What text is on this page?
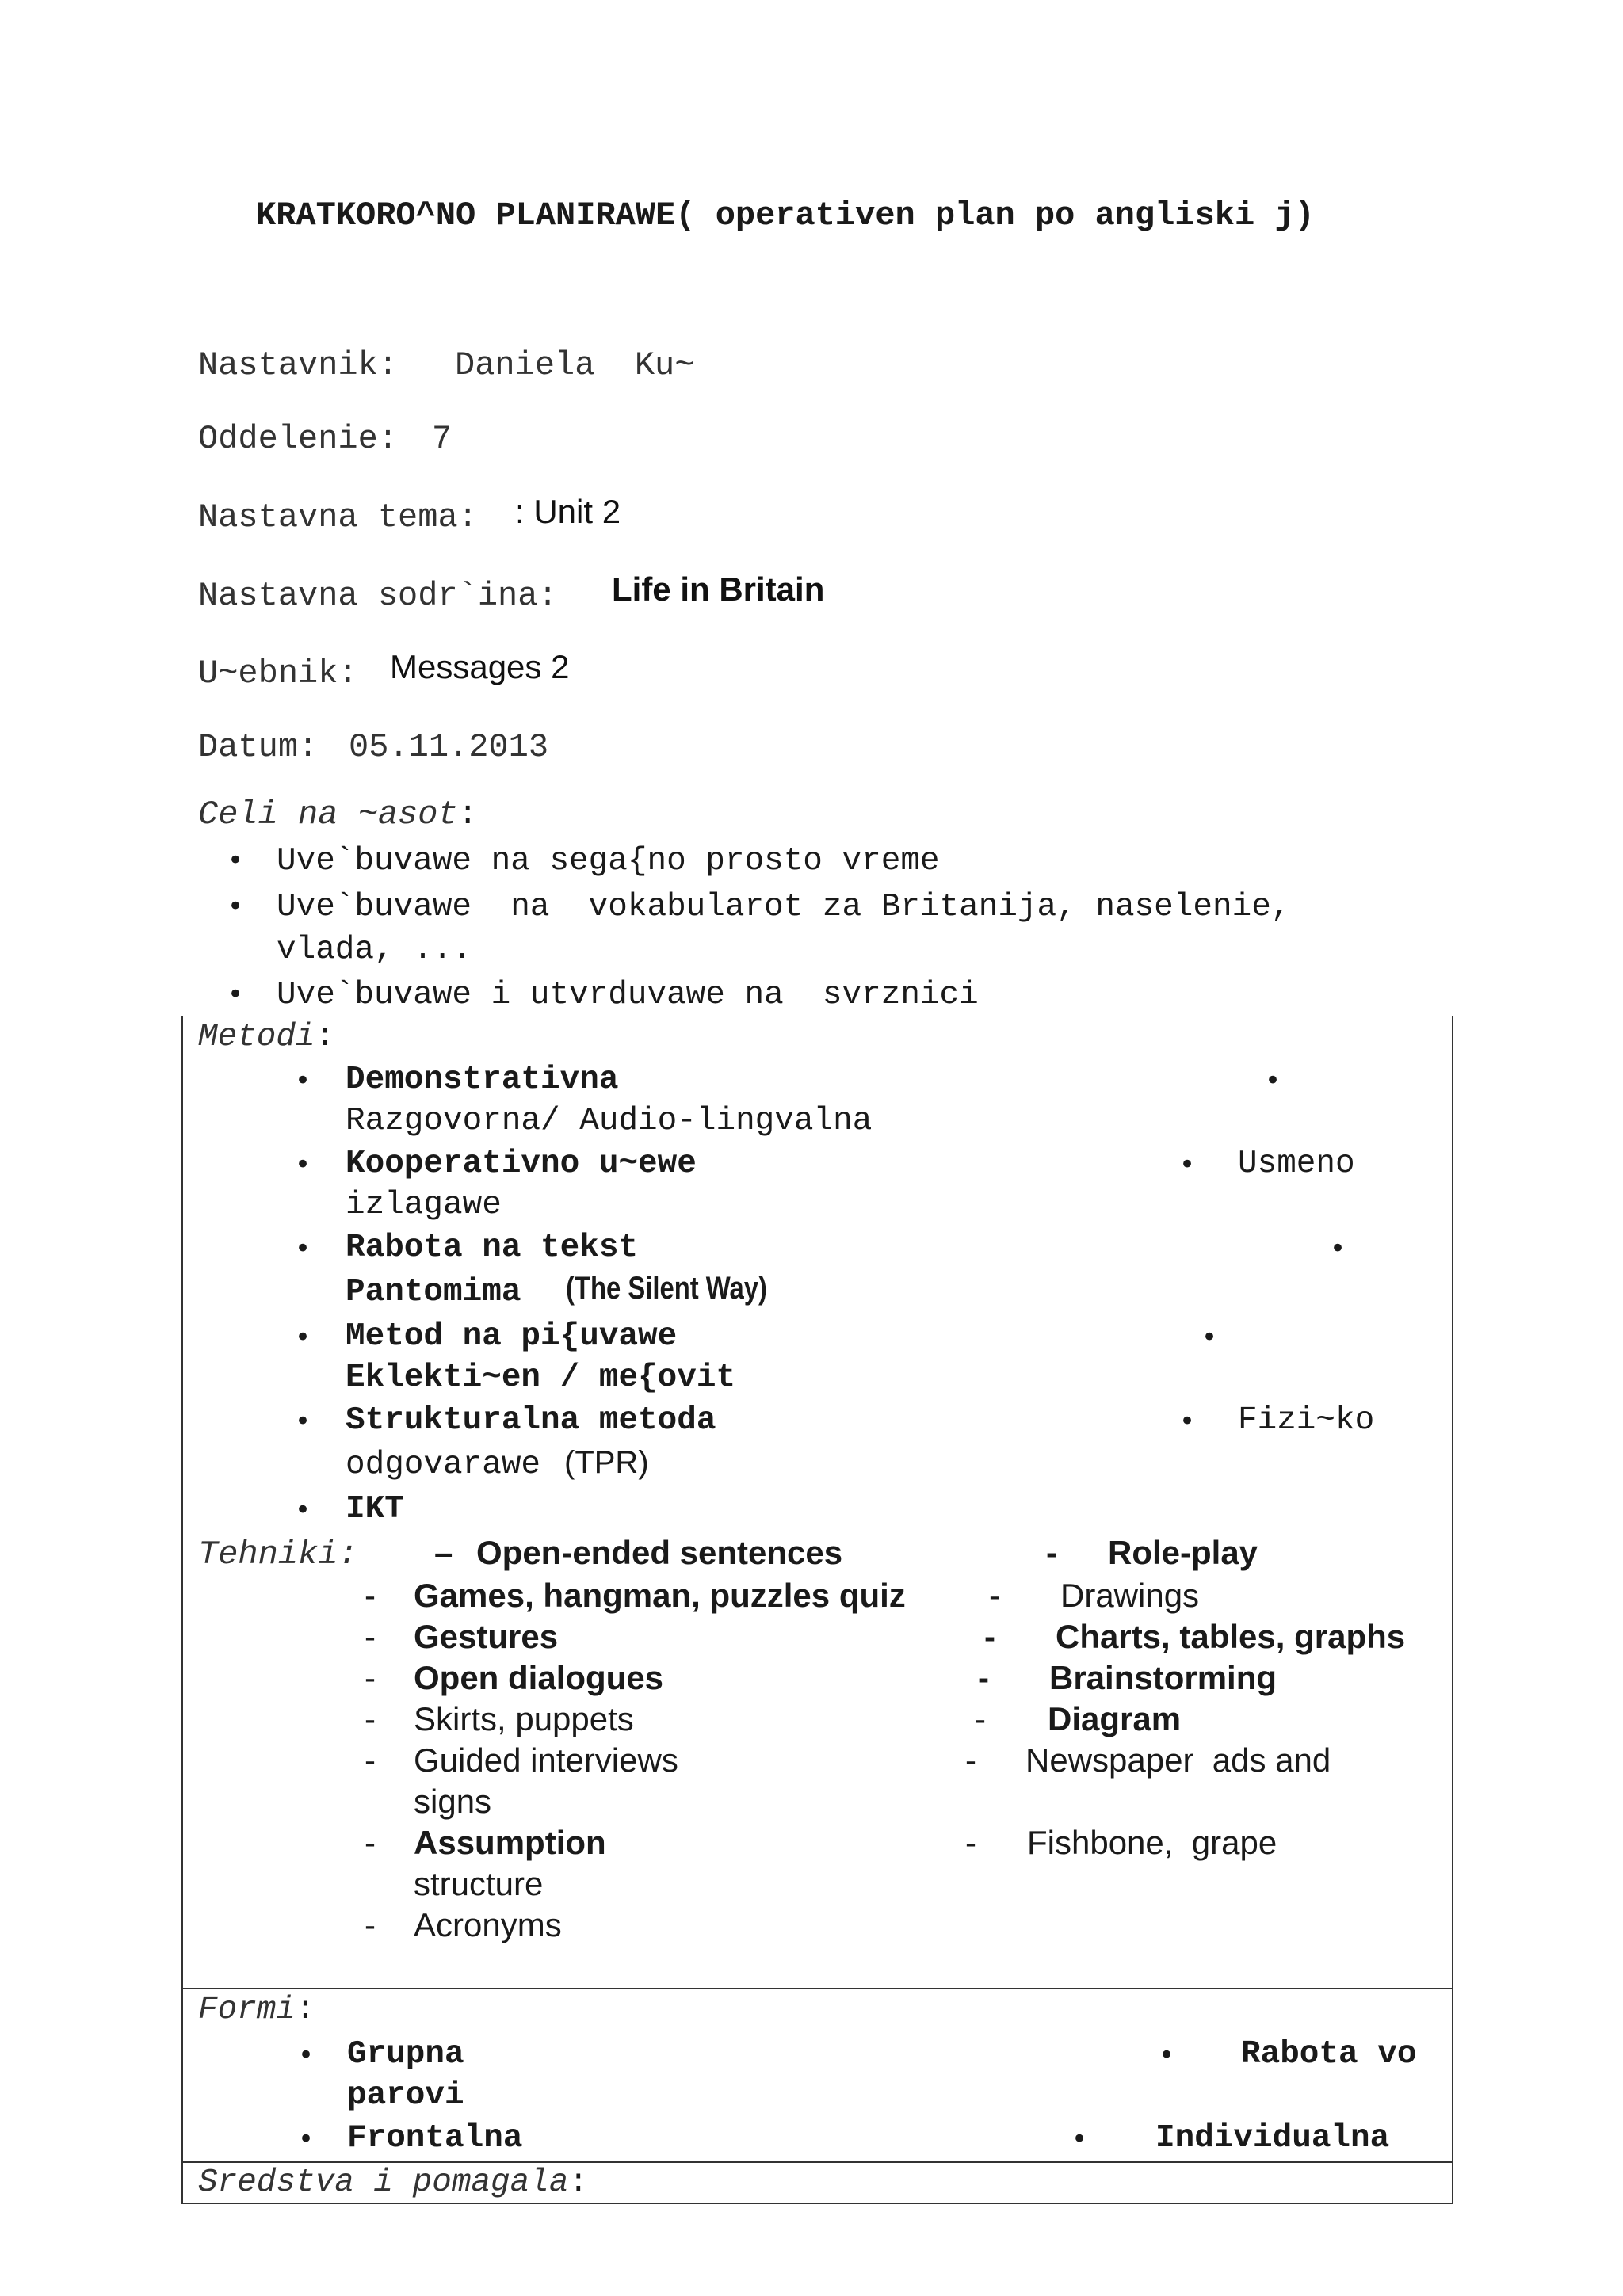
KRATKORO^NO PLANIRAWE( operativen plan po angliski j)
Nastavnik: Daniela  Ku~
Oddelenie: 7
Nastavna tema: : Unit 2
Nastavna sodr`ina: Life in Britain
U~ebnik: Messages 2
Datum: 05.11.2013
Celi na ~asot:
• Uve`buvawe na sega{no prosto vreme
• Uve`buvawe  na  vokabularot za Britanija, naselenie,
vlada, ...
• Uve`buvawe i utvrduvawe na  svrznici
Metodi:
• Demonstrativna	•
Razgovorna/ Audio-lingvalna
• Kooperativno u~ewe	• Usmeno
izlagawe
• Rabota na tekst	•
Pantomima (The Silent Way)
• Metod na pi{uvawe	•
Eklekti~en / me{ovit
• Strukturalna metoda	• Fizi~ko
odgovarawe (TPR)
• IKT
Tehniki: – Open-ended sentences	- Role-play
- Games, hangman, puzzles quiz	- Drawings
- Gestures	- Charts, tables, graphs
- Open dialogues	- Brainstorming
- Skirts, puppets	- Diagram
- Guided interviews	- Newspaper  ads and
signs
- Assumption	- Fishbone,  grape
structure
- Acronyms
Formi:
• Grupna	• Rabota vo
parovi
• Frontalna	• Individualna
Sredstva i pomagala:
